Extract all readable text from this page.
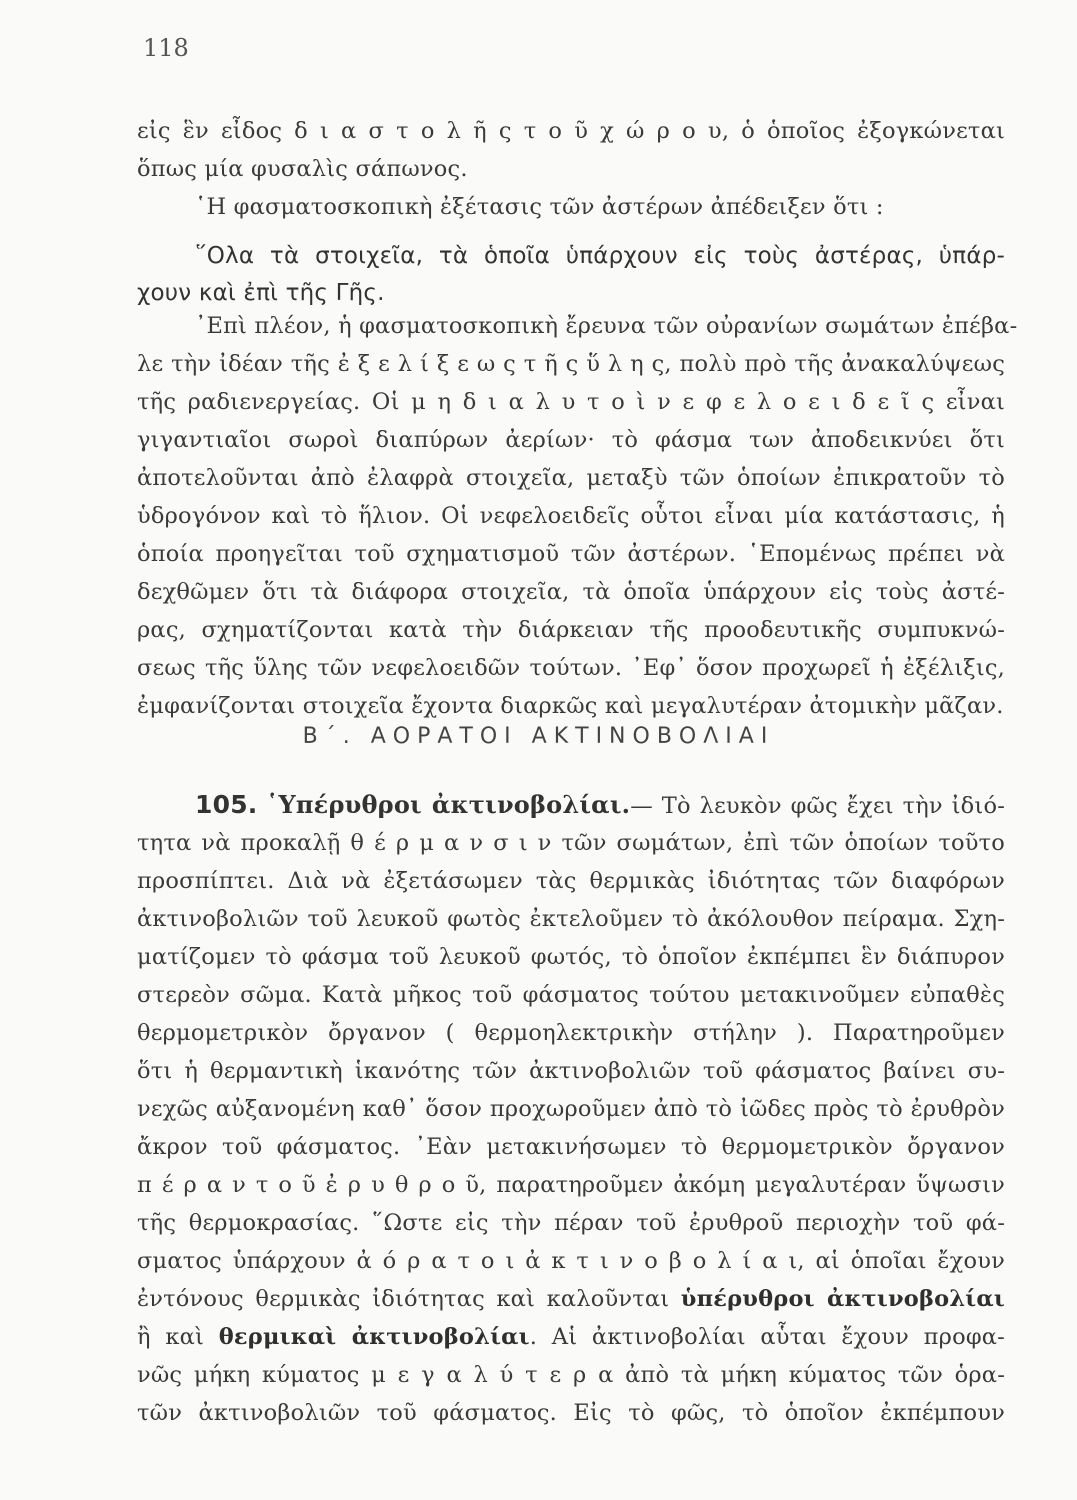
118
εἰς ἓν εἶδος δ ι α σ τ ο λ ῆ ς τ ο ῦ χ ώ ρ ο υ, ὁ ὁποῖος ἐξογκώνεται
ὅπως μία φυσαλὶς σάπωνος.
῾Η φασματοσκοπικὴ ἐξέτασις τῶν ἀστέρων ἀπέδειξεν ὅτι :
῞Ολα τὰ στοιχεῖα, τὰ ὁποῖα ὑπάρχουν εἰς τοὺς ἀστέρας, ὑπάρ-
χουν καὶ ἐπὶ τῆς Γῆς.
᾿Επὶ πλέον, ἡ φασματοσκοπικὴ ἔρευνα τῶν οὐρανίων σωμάτων ἐπέβα-
λε τὴν ἰδέαν τῆς ἐ ξ ε λ ί ξ ε ω ς τ ῆ ς ὕ λ η ς, πολὺ πρὸ τῆς ἀνακαλύψεως
τῆς ραδιενεργείας. Οἱ μ η δ ι α λ υ τ ο ὶ ν ε φ ε λ ο ε ι δ ε ῖ ς εἶναι
γιγαντιαῖοι σωροὶ διαπύρων ἀερίων· τὸ φάσμα των ἀποδεικνύει ὅτι
ἀποτελοῦνται ἀπὸ ἐλαφρὰ στοιχεῖα, μεταξὺ τῶν ὁποίων ἐπικρατοῦν τὸ
ὑδρογόνον καὶ τὸ ἥλιον. Οἱ νεφελοειδεῖς οὗτοι εἶναι μία κατάστασις, ἡ
ὁποία προηγεῖται τοῦ σχηματισμοῦ τῶν ἀστέρων. ῾Επομένως πρέπει νὰ
δεχθῶμεν ὅτι τὰ διάφορα στοιχεῖα, τὰ ὁποῖα ὑπάρχουν εἰς τοὺς ἀστέ-
ρας, σχηματίζονται κατὰ τὴν διάρκειαν τῆς προοδευτικῆς συμπυκνώ-
σεως τῆς ὕλης τῶν νεφελοειδῶν τούτων. ᾿Εφ᾿ ὅσον προχωρεῖ ἡ ἐξέλιξις,
ἐμφανίζονται στοιχεῖα ἔχοντα διαρκῶς καὶ μεγαλυτέραν ἀτομικὴν μᾶζαν.
Β΄. ΑΟΡΑΤΟΙ ΑΚΤΙΝΟΒΟΛΙΑΙ
105. ῾Υπέρυθροι ἀκτινοβολίαι.— Τὸ λευκὸν φῶς ἔχει τὴν ἰδιό-
τητα νὰ προκαλῇ θ έ ρ μ α ν σ ι ν τῶν σωμάτων, ἐπὶ τῶν ὁποίων τοῦτο
προσπίπτει. Διὰ νὰ ἐξετάσωμεν τὰς θερμικὰς ἰδιότητας τῶν διαφόρων
ἀκτινοβολιῶν τοῦ λευκοῦ φωτὸς ἐκτελοῦμεν τὸ ἀκόλουθον πείραμα. Σχη-
ματίζομεν τὸ φάσμα τοῦ λευκοῦ φωτός, τὸ ὁποῖον ἐκπέμπει ἓν διάπυρον
στερεὸν σῶμα. Κατὰ μῆκος τοῦ φάσματος τούτου μετακινοῦμεν εὐπαθὲς
θερμομετρικὸν ὄργανον ( θερμοηλεκτρικὴν στήλην ). Παρατηροῦμεν
ὅτι ἡ θερμαντικὴ ἱκανότης τῶν ἀκτινοβολιῶν τοῦ φάσματος βαίνει συ-
νεχῶς αὐξανομένη καθ᾿ ὅσον προχωροῦμεν ἀπὸ τὸ ἰῶδες πρὸς τὸ ἐρυθρὸν
ἄκρον τοῦ φάσματος. ᾿Εὰν μετακινήσωμεν τὸ θερμομετρικὸν ὄργανον
π έ ρ α ν τ ο ῦ ἐ ρ υ θ ρ ο ῦ, παρατηροῦμεν ἀκόμη μεγαλυτέραν ὕψωσιν
τῆς θερμοκρασίας. ῞Ωστε εἰς τὴν πέραν τοῦ ἐρυθροῦ περιοχὴν τοῦ φά-
σματος ὑπάρχουν ἀ ό ρ α τ ο ι ἀ κ τ ι ν ο β ο λ ί α ι, αἱ ὁποῖαι ἔχουν
ἐντόνους θερμικὰς ἰδιότητας καὶ καλοῦνται ὑπέρυθροι ἀκτινοβολίαι
ἢ καὶ θερμικαὶ ἀκτινοβολίαι. Αἱ ἀκτινοβολίαι αὗται ἔχουν προφα-
νῶς μήκη κύματος μ ε γ α λ ύ τ ε ρ α ἀπὸ τὰ μήκη κύματος τῶν ὁρα-
τῶν ἀκτινοβολιῶν τοῦ φάσματος. Εἰς τὸ φῶς, τὸ ὁποῖον ἐκπέμπουν
